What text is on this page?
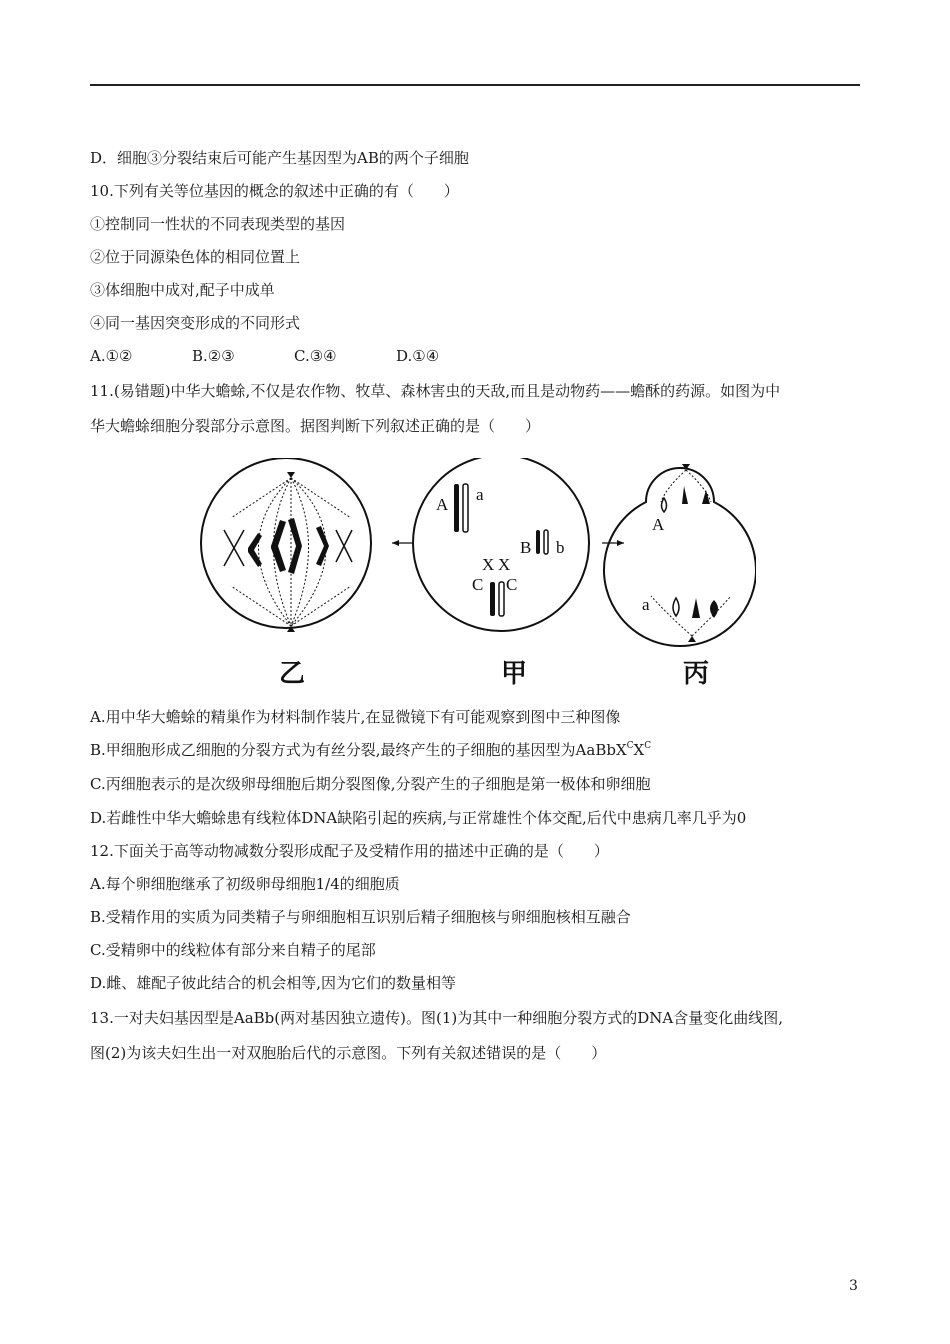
D．细胞③分裂结束后可能产生基因型为AB的两个子细胞
10.下列有关等位基因的概念的叙述中正确的有（　　）
①控制同一性状的不同表现类型的基因
②位于同源染色体的相同位置上
③体细胞中成对,配子中成单
④同一基因突变形成的不同形式
A.①②	B.②③	C.③④	D.①④
11.(易错题)中华大蟾蜍,不仅是农作物、牧草、森林害虫的天敌,而且是动物药——蟾酥的药源。如图为中
华大蟾蜍细胞分裂部分示意图。据图判断下列叙述正确的是（　　）
A
a
B b
X X
C C
A
a
乙	甲	丙
A.用中华大蟾蜍的精巢作为材料制作装片,在显微镜下有可能观察到图中三种图像
B.甲细胞形成乙细胞的分裂方式为有丝分裂,最终产生的子细胞的基因型为$AaBbX^CX^C$
C.丙细胞表示的是次级卵母细胞后期分裂图像,分裂产生的子细胞是第一极体和卵细胞
D.若雌性中华大蟾蜍患有线粒体DNA缺陷引起的疾病,与正常雄性个体交配,后代中患病几率几乎为0
12.下面关于高等动物减数分裂形成配子及受精作用的描述中正确的是（　　）
A.每个卵细胞继承了初级卵母细胞1/4的细胞质
B.受精作用的实质为同类精子与卵细胞相互识别后精子细胞核与卵细胞核相互融合
C.受精卵中的线粒体有部分来自精子的尾部
D.雌、雄配子彼此结合的机会相等,因为它们的数量相等
13.一对夫妇基因型是AaBb(两对基因独立遗传)。图(1)为其中一种细胞分裂方式的DNA含量变化曲线图,
图(2)为该夫妇生出一对双胞胎后代的示意图。下列有关叙述错误的是（　　）
3
